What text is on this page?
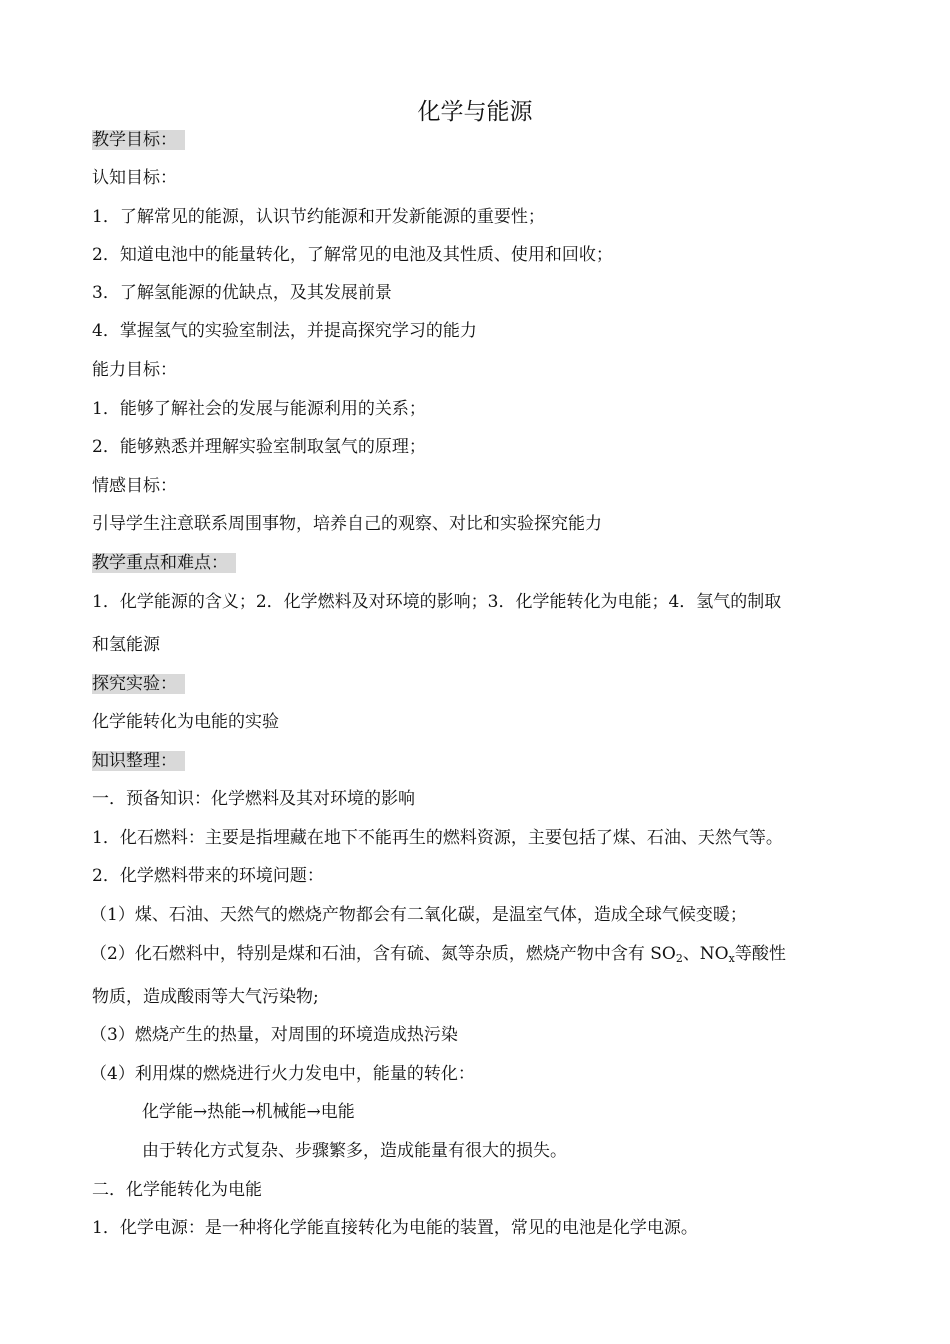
化学与能源
教学目标：
认知目标：
1．了解常见的能源，认识节约能源和开发新能源的重要性；
2．知道电池中的能量转化，了解常见的电池及其性质、使用和回收；
3．了解氢能源的优缺点，及其发展前景
4．掌握氢气的实验室制法，并提高探究学习的能力
能力目标：
1．能够了解社会的发展与能源利用的关系；
2．能够熟悉并理解实验室制取氢气的原理；
情感目标：
引导学生注意联系周围事物，培养自己的观察、对比和实验探究能力
教学重点和难点：
1．化学能源的含义；2．化学燃料及对环境的影响；3．化学能转化为电能；4．氢气的制取
和氢能源
探究实验：
化学能转化为电能的实验
知识整理：
一．预备知识：化学燃料及其对环境的影响
1．化石燃料：主要是指埋藏在地下不能再生的燃料资源，主要包括了煤、石油、天然气等。
2．化学燃料带来的环境问题：
（1）煤、石油、天然气的燃烧产物都会有二氧化碳，是温室气体，造成全球气候变暖；
（2）化石燃料中，特别是煤和石油，含有硫、氮等杂质，燃烧产物中含有 $SO_2$、$NO_x$等酸性
物质，造成酸雨等大气污染物;
（3）燃烧产生的热量，对周围的环境造成热污染
（4）利用煤的燃烧进行火力发电中，能量的转化：
化学能→热能→机械能→电能
由于转化方式复杂、步骤繁多，造成能量有很大的损失。
二．化学能转化为电能
1．化学电源：是一种将化学能直接转化为电能的装置，常见的电池是化学电源。
